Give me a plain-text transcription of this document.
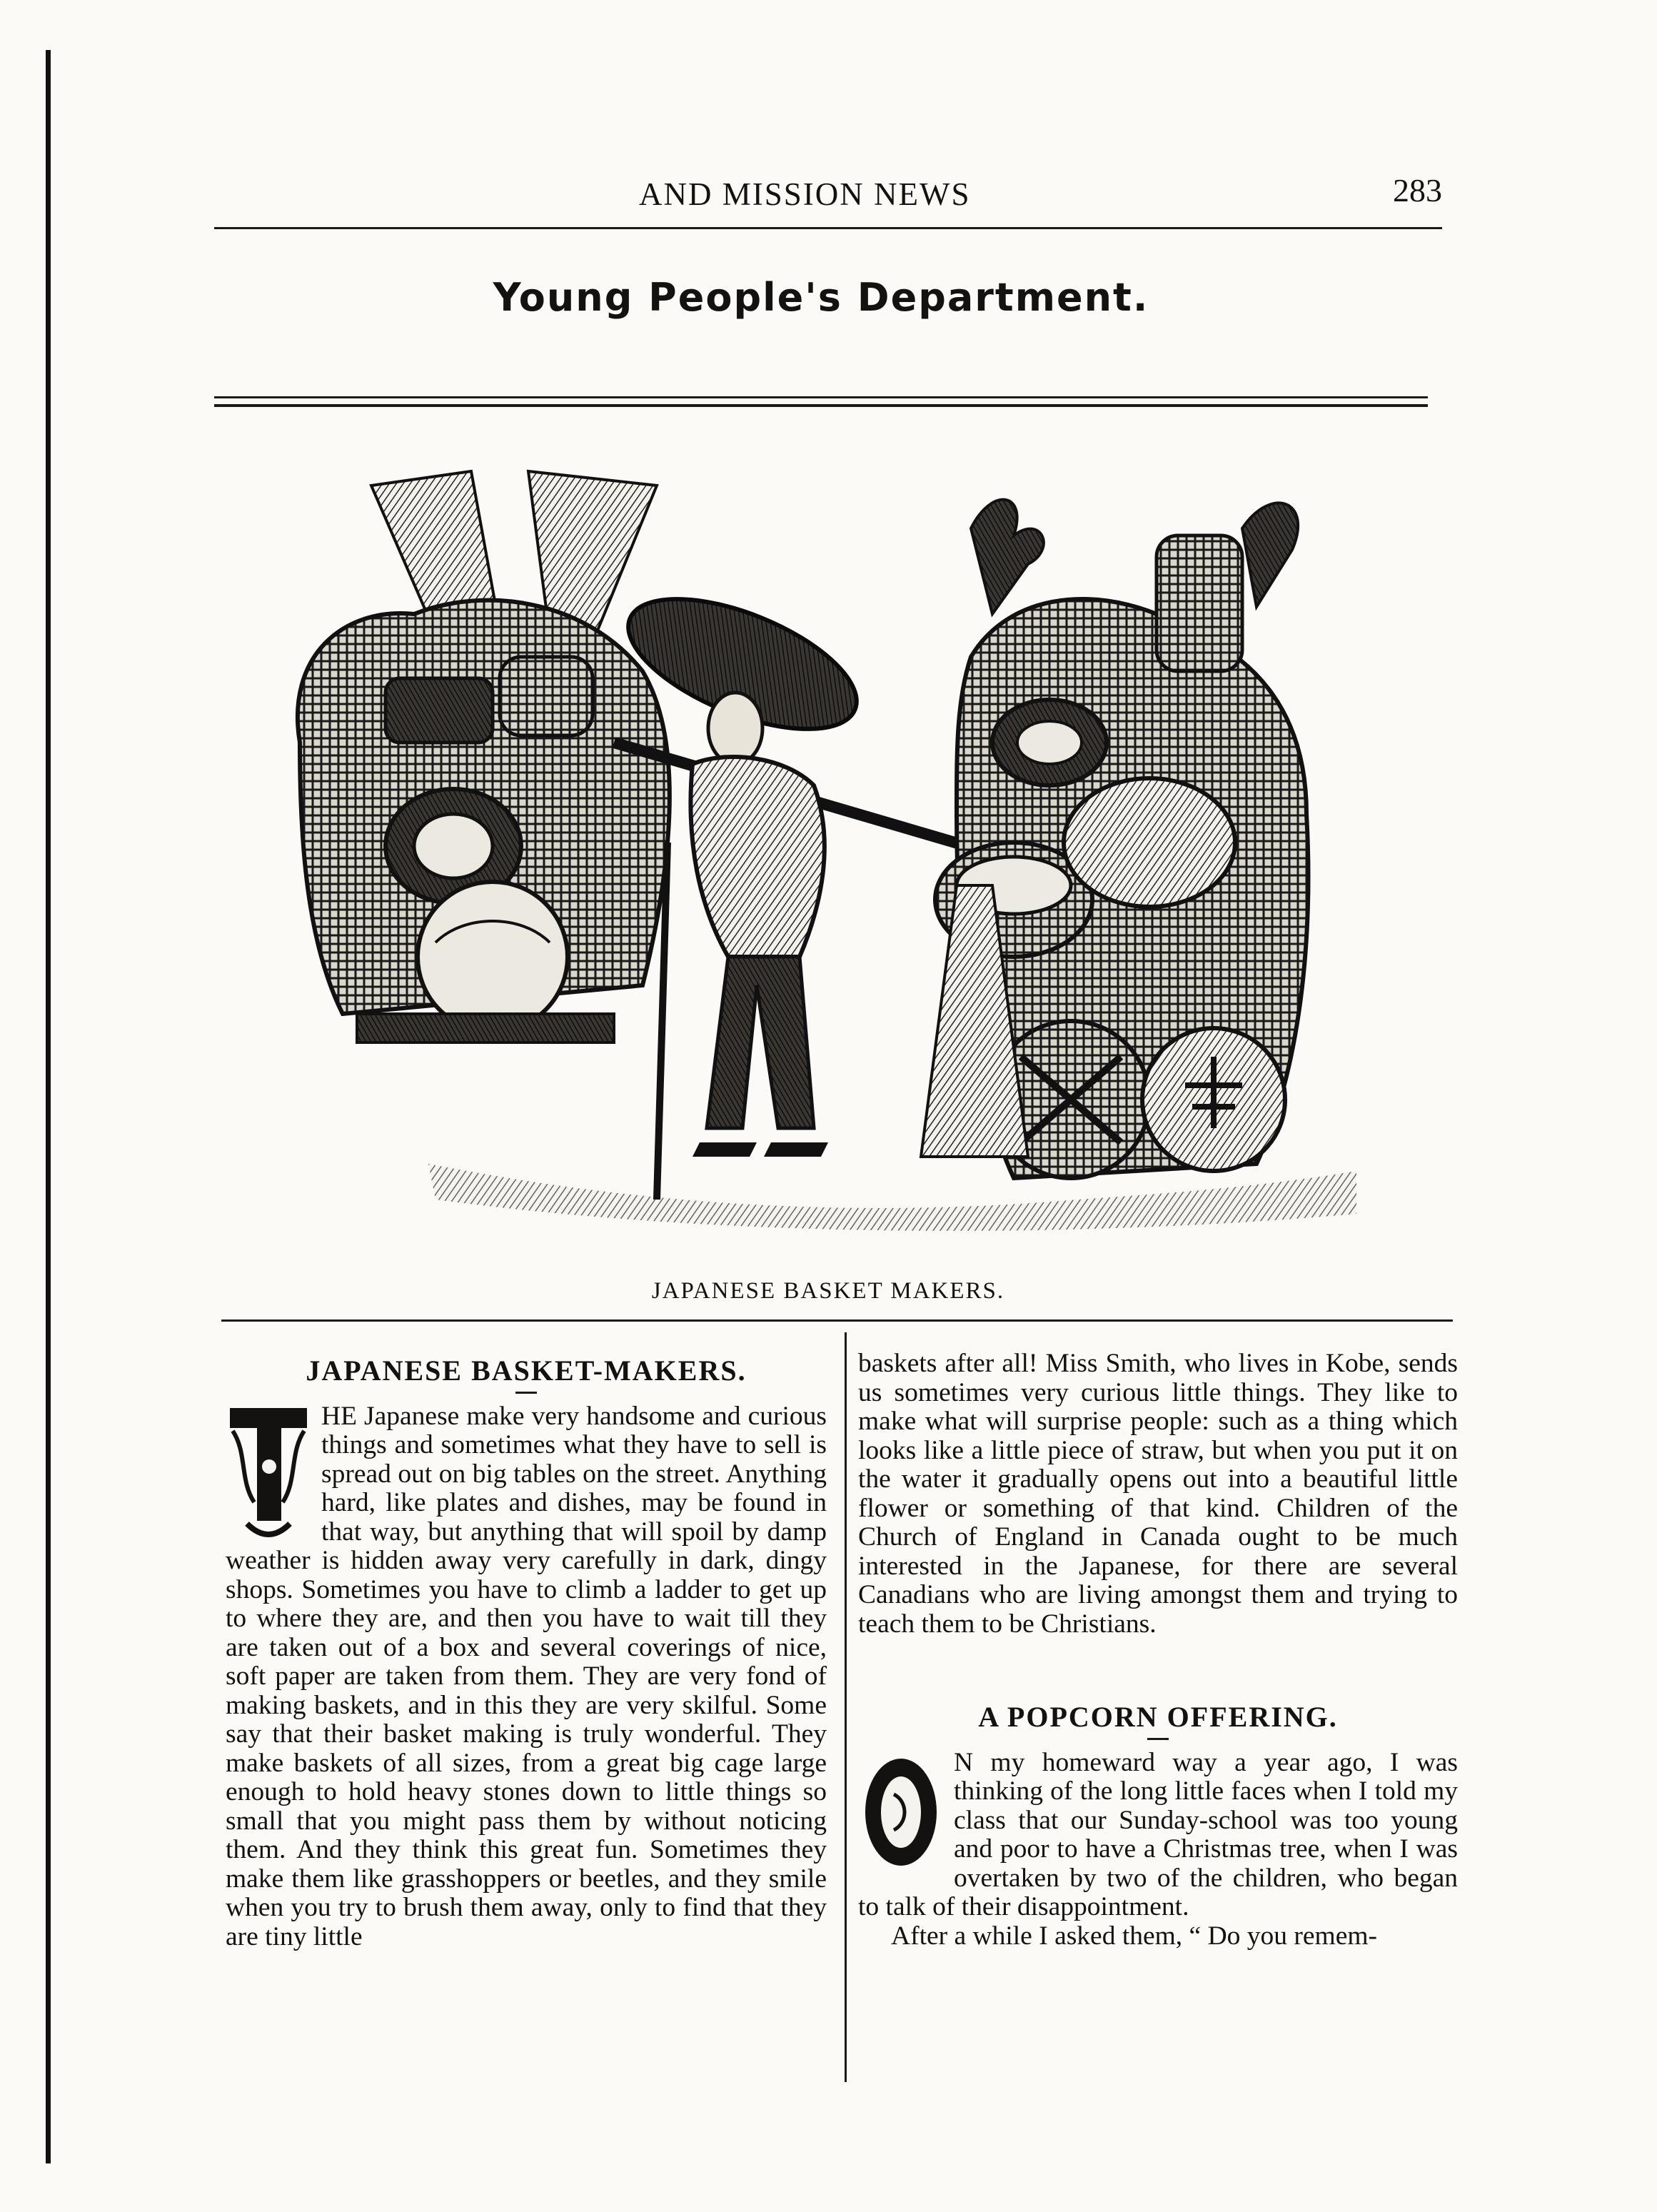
AND MISSION NEWS	283
Young People's Department.
JAPANESE BASKET MAKERS.
JAPANESE BASKET-MAKERS.

HE Japanese make very handsome and curious things and sometimes what they have to sell is spread out on big tables on the street. Anything hard, like plates and dishes, may be found in that way, but anything that will spoil by damp weather is hidden away very carefully in dark, dingy shops. Sometimes you have to climb a ladder to get up to where they are, and then you have to wait till they are taken out of a box and several coverings of nice, soft paper are taken from them. They are very fond of making baskets, and in this they are very skilful. Some say that their basket making is truly wonderful. They make baskets of all sizes, from a great big cage large enough to hold heavy stones down to little things so small that you might pass them by without noticing them. And they think this great fun. Sometimes they make them like grasshoppers or beetles, and they smile when you try to brush them away, only to find that they are tiny little

baskets after all! Miss Smith, who lives in Kobe, sends us sometimes very curious little things. They like to make what will surprise people: such as a thing which looks like a little piece of straw, but when you put it on the water it gradually opens out into a beautiful little flower or something of that kind. Children of the Church of England in Canada ought to be much interested in the Japanese, for there are several Canadians who are living amongst them and trying to teach them to be Christians.

A POPCORN OFFERING.

N my homeward way a year ago, I was thinking of the long little faces when I told my class that our Sunday-school was too young and poor to have a Christmas tree, when I was overtaken by two of the children, who began to talk of their disappointment.

After a while I asked them, “ Do you remem-
